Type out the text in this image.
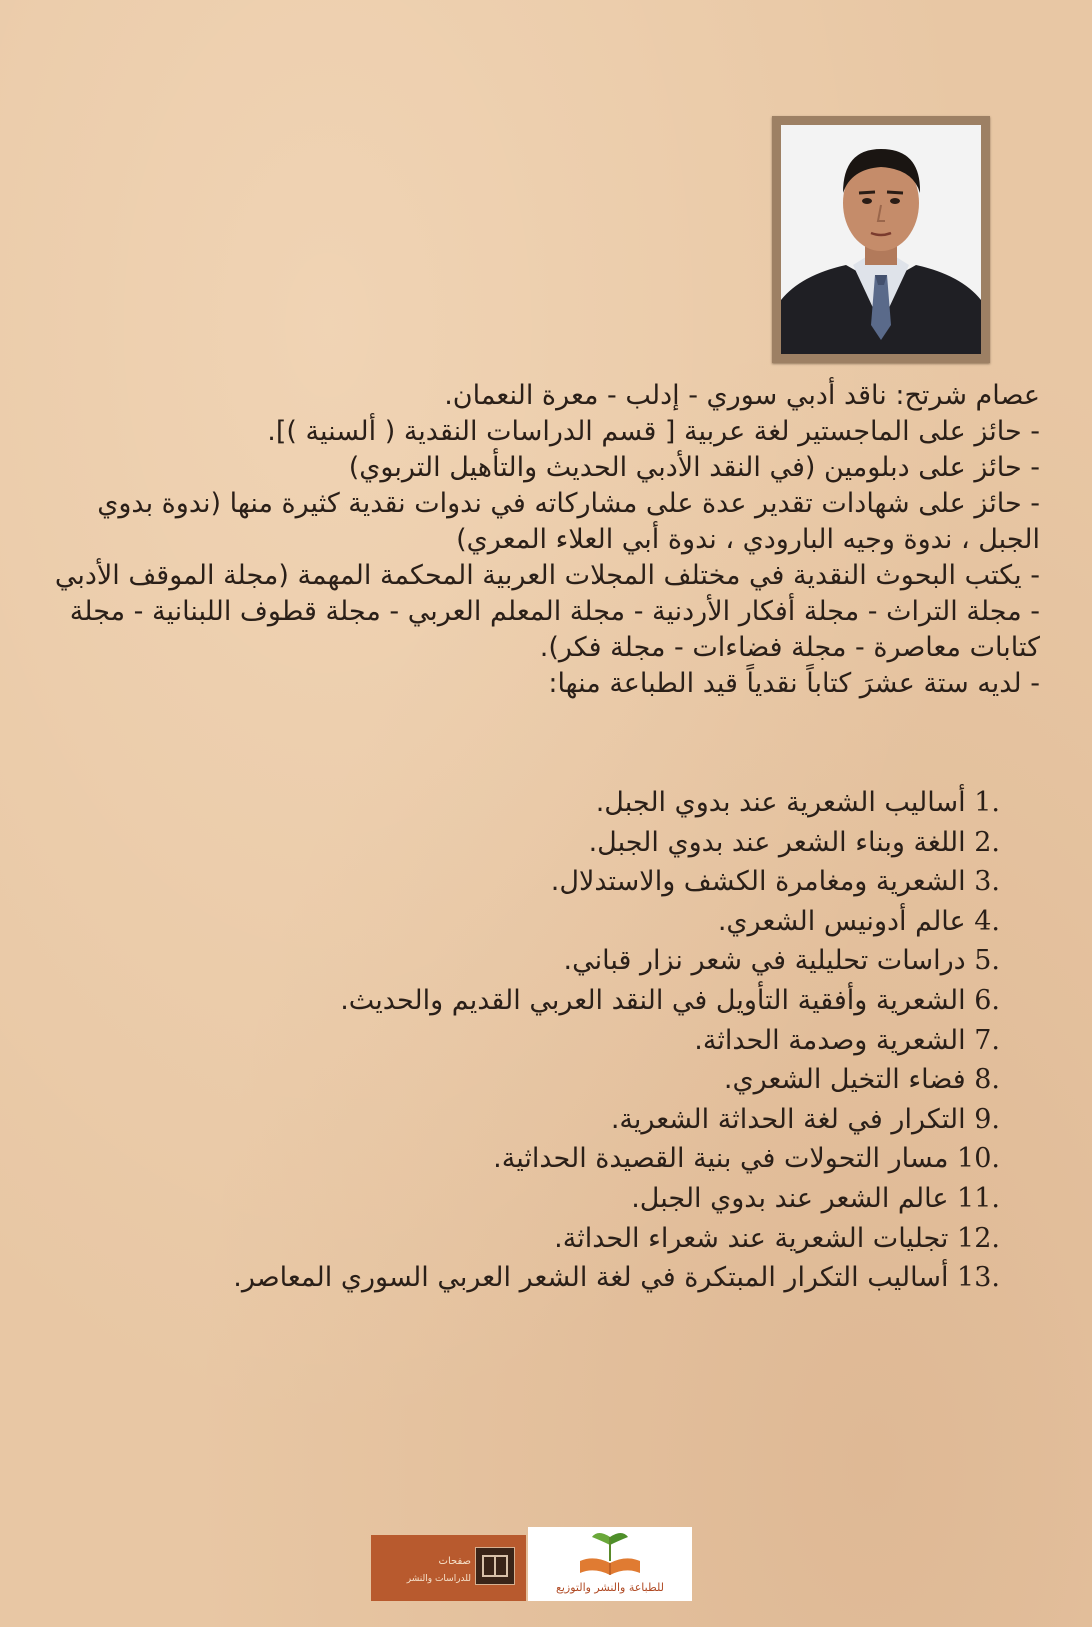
عصام شرتح: ناقد أدبي سوري - إدلب - معرة النعمان.

- حائز على الماجستير لغة عربية [ قسم الدراسات النقدية ( ألسنية )].

- حائز على دبلومين (في النقد الأدبي الحديث والتأهيل التربوي)

- حائز على شهادات تقدير عدة على مشاركاته في ندوات نقدية كثيرة منها (ندوة بدوي الجبل ، ندوة وجيه البارودي ، ندوة أبي العلاء المعري)

- يكتب البحوث النقدية في مختلف المجلات العربية المحكمة المهمة (مجلة الموقف الأدبي - مجلة التراث - مجلة أفكار الأردنية - مجلة المعلم العربي - مجلة قطوف اللبنانية - مجلة كتابات معاصرة - مجلة فضاءات - مجلة فكر).

- لديه ستة عشرَ كتاباً نقدياً قيد الطباعة منها:

1. أساليب الشعرية عند بدوي الجبل.
2. اللغة وبناء الشعر عند بدوي الجبل.
3. الشعرية ومغامرة الكشف والاستدلال.
4. عالم أدونيس الشعري.
5. دراسات تحليلية في شعر نزار قباني.
6. الشعرية وأفقية التأويل في النقد العربي القديم والحديث.
7. الشعرية وصدمة الحداثة.
8. فضاء التخيل الشعري.
9. التكرار في لغة الحداثة الشعرية.
10. مسار التحولات في بنية القصيدة الحداثية.
11. عالم الشعر عند بدوي الجبل.
12. تجليات الشعرية عند شعراء الحداثة.
13. أساليب التكرار المبتكرة في لغة الشعر العربي السوري المعاصر.
صفحات
للدراسات والنشر
للطباعة والنشر والتوزيع
